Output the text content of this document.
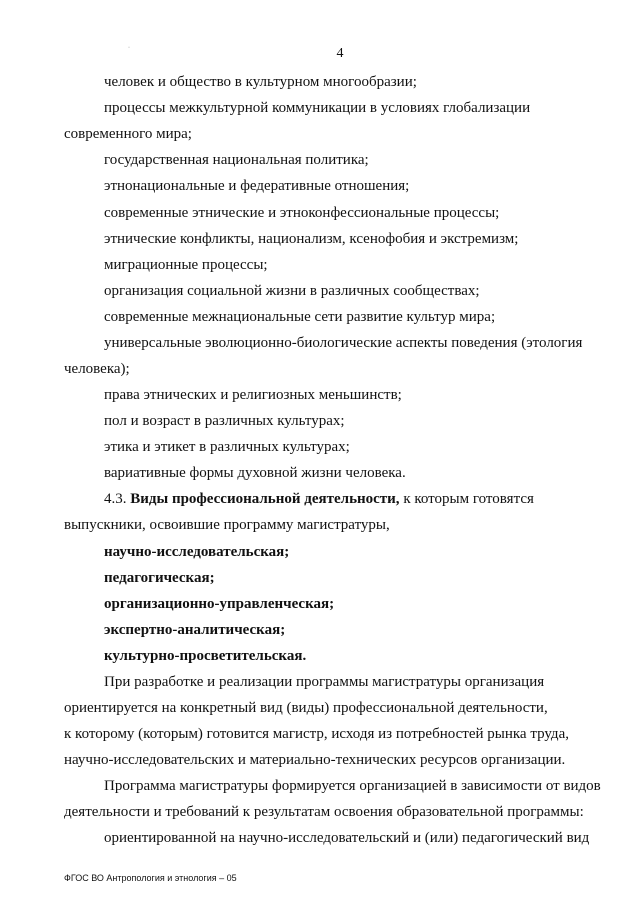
·	4
человек и общество в культурном многообразии;
процессы межкультурной коммуникации в условиях глобализации
современного мира;
государственная национальная политика;
этнонациональные и федеративные отношения;
современные этнические и этноконфессиональные процессы;
этнические конфликты, национализм, ксенофобия и экстремизм;
миграционные процессы;
организация социальной жизни в различных сообществах;
современные межнациональные сети развитие культур мира;
универсальные эволюционно-биологические аспекты поведения (этология
человека);
права этнических и религиозных меньшинств;
пол и возраст в различных культурах;
этика и этикет в различных культурах;
вариативные формы духовной жизни человека.
4.3. Виды профессиональной деятельности, к которым готовятся
выпускники, освоившие программу магистратуры,
научно-исследовательская;
педагогическая;
организационно-управленческая;
экспертно-аналитическая;
культурно-просветительская.
При разработке и реализации программы магистратуры организация
ориентируется на конкретный вид (виды) профессиональной деятельности,
к которому (которым) готовится магистр, исходя из потребностей рынка труда,
научно-исследовательских и материально-технических ресурсов организации.
Программа магистратуры формируется организацией в зависимости от видов
деятельности и требований к результатам освоения образовательной программы:
ориентированной на научно-исследовательский и (или) педагогический вид
ФГОС ВО Антропология и этнология – 05
